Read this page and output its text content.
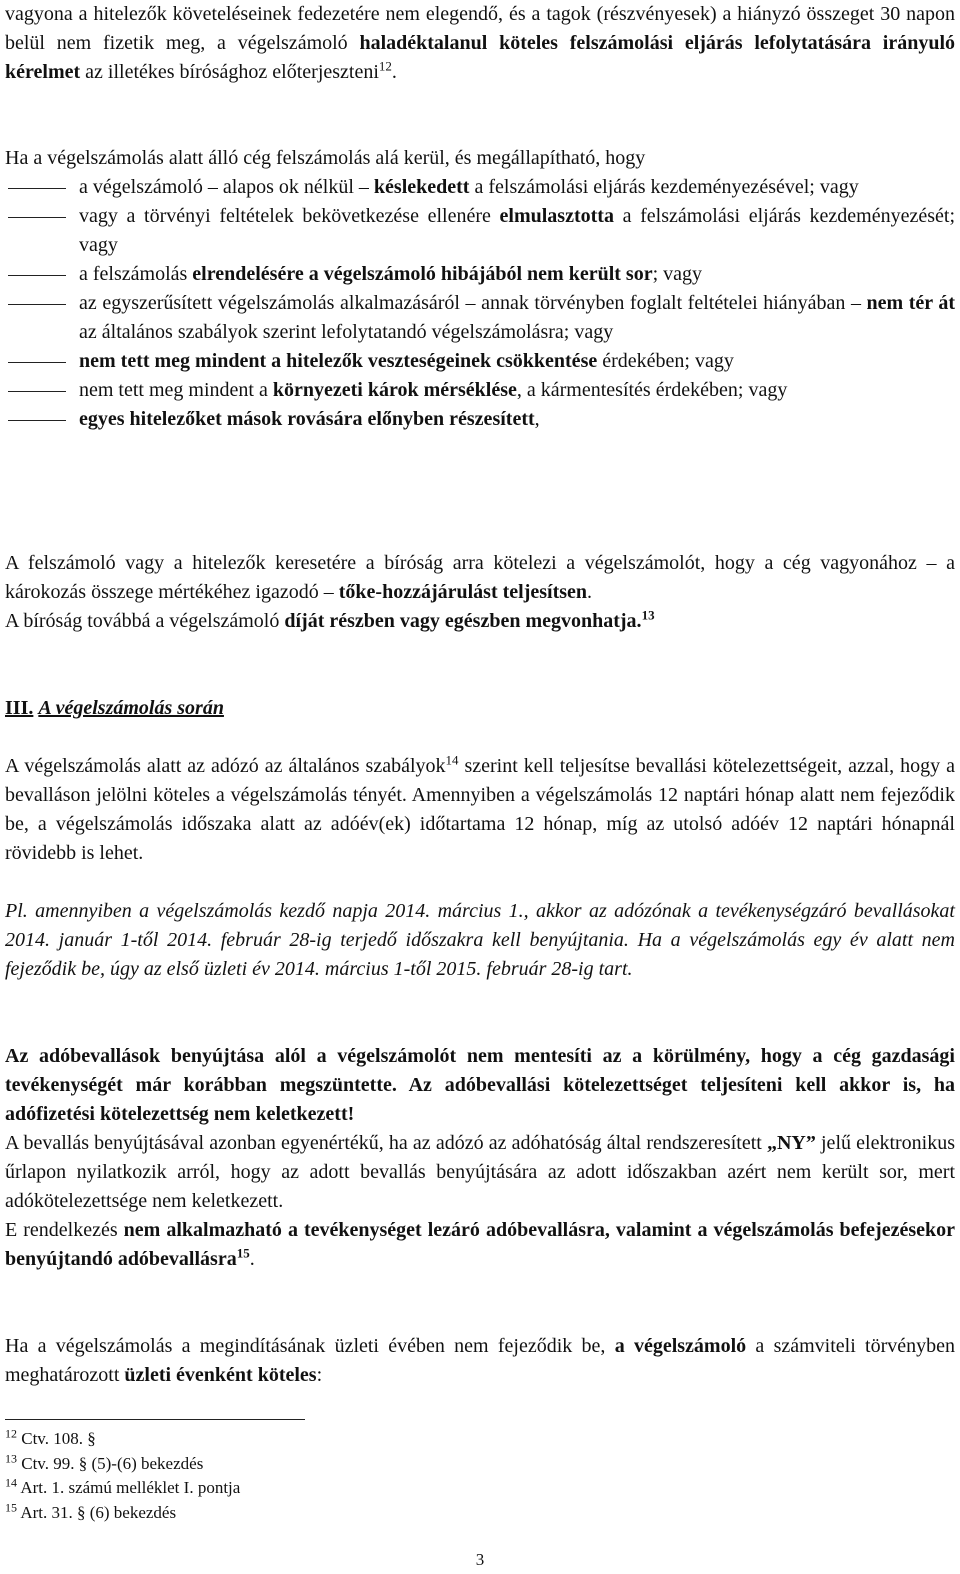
vagyona a hitelezők követeléseinek fedezetére nem elegendő, és a tagok (részvényesek) a hiányzó összeget 30 napon belül nem fizetik meg, a végelszámoló haladéktalanul köteles felszámolási eljárás lefolytatására irányuló kérelmet az illetékes bírósághoz előterjeszteni$^{12}$.

Ha a végelszámolás alatt álló cég felszámolás alá kerül, és megállapítható, hogy

a végelszámoló – alapos ok nélkül – késlekedett a felszámolási eljárás kezdeményezésével; vagy
vagy a törvényi feltételek bekövetkezése ellenére elmulasztotta a felszámolási eljárás kezdeményezését; vagy
a felszámolás elrendelésére a végelszámoló hibájából nem került sor; vagy
az egyszerűsített végelszámolás alkalmazásáról – annak törvényben foglalt feltételei hiányában – nem tér át az általános szabályok szerint lefolytatandó végelszámolásra; vagy
nem tett meg mindent a hitelezők veszteségeinek csökkentése érdekében; vagy
nem tett meg mindent a környezeti károk mérséklése, a kármentesítés érdekében; vagy
egyes hitelezőket mások rovására előnyben részesített,

A felszámoló vagy a hitelezők keresetére a bíróság arra kötelezi a végelszámolót, hogy a cég vagyonához – a károkozás összege mértékéhez igazodó – tőke-hozzájárulást teljesítsen.

A bíróság továbbá a végelszámoló díját részben vagy egészben megvonhatja.$^{13}$

III. A végelszámolás során

A végelszámolás alatt az adózó az általános szabályok$^{14}$ szerint kell teljesítse bevallási kötelezettségeit, azzal, hogy a bevalláson jelölni köteles a végelszámolás tényét. Amennyiben a végelszámolás 12 naptári hónap alatt nem fejeződik be, a végelszámolás időszaka alatt az adóév(ek) időtartama 12 hónap, míg az utolsó adóév 12 naptári hónapnál rövidebb is lehet.

Pl. amennyiben a végelszámolás kezdő napja 2014. március 1., akkor az adózónak a tevékenységzáró bevallásokat 2014. január 1-től 2014. február 28-ig terjedő időszakra kell benyújtania. Ha a végelszámolás egy év alatt nem fejeződik be, úgy az első üzleti év 2014. március 1-től 2015. február 28-ig tart.

Az adóbevallások benyújtása alól a végelszámolót nem mentesíti az a körülmény, hogy a cég gazdasági tevékenységét már korábban megszüntette. Az adóbevallási kötelezettséget teljesíteni kell akkor is, ha adófizetési kötelezettség nem keletkezett!

A bevallás benyújtásával azonban egyenértékű, ha az adózó az adóhatóság által rendszeresített „NY” jelű elektronikus űrlapon nyilatkozik arról, hogy az adott bevallás benyújtására az adott időszakban azért nem került sor, mert adókötelezettsége nem keletkezett.

E rendelkezés nem alkalmazható a tevékenységet lezáró adóbevallásra, valamint a végelszámolás befejezésekor benyújtandó adóbevallásra$^{15}$.

Ha a végelszámolás a megindításának üzleti évében nem fejeződik be, a végelszámoló a számviteli törvényben meghatározott üzleti évenként köteles:

$^{12}$ Ctv. 108. §
$^{13}$ Ctv. 99. § (5)-(6) bekezdés
$^{14}$ Art. 1. számú melléklet I. pontja
$^{15}$ Art. 31. § (6) bekezdés
3
